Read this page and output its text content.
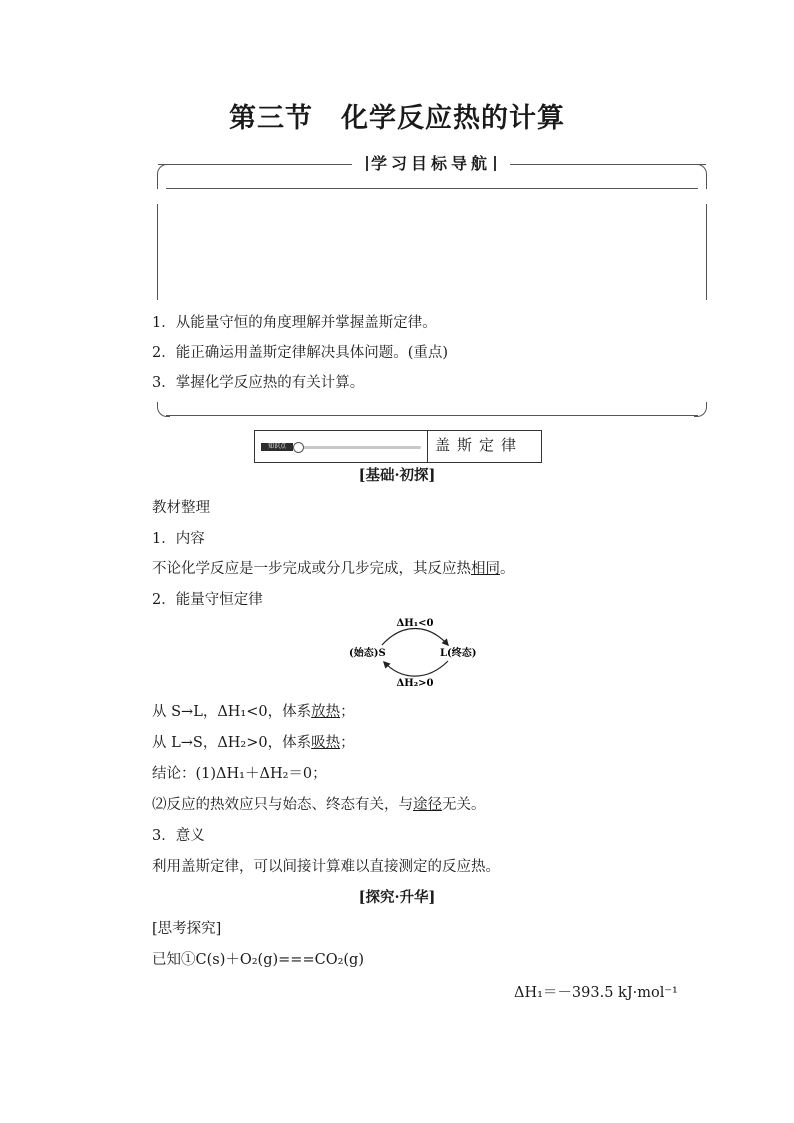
第三节　化学反应热的计算
学习目标导航
1．从能量守恒的角度理解并掌握盖斯定律。
2．能正确运用盖斯定律解决具体问题。(重点)
3．掌握化学反应热的有关计算。
知识点	盖斯定律
[基础·初探]
教材整理
1．内容
不论化学反应是一步完成或分几步完成，其反应热相同。
2．能量守恒定律
ΔH₁<0
ΔH₂>0
(始态)S	L(终态)
从 S→L，ΔH₁<0，体系放热；
从 L→S，ΔH₂>0，体系吸热；
结论：(1)ΔH₁＋ΔH₂＝0；
⑵反应的热效应只与始态、终态有关，与途径无关。
3．意义
利用盖斯定律，可以间接计算难以直接测定的反应热。
[探究·升华]
[思考探究]
已知①C(s)＋O₂(g)===CO₂(g)
ΔH₁＝－393.5 kJ·mol⁻¹
